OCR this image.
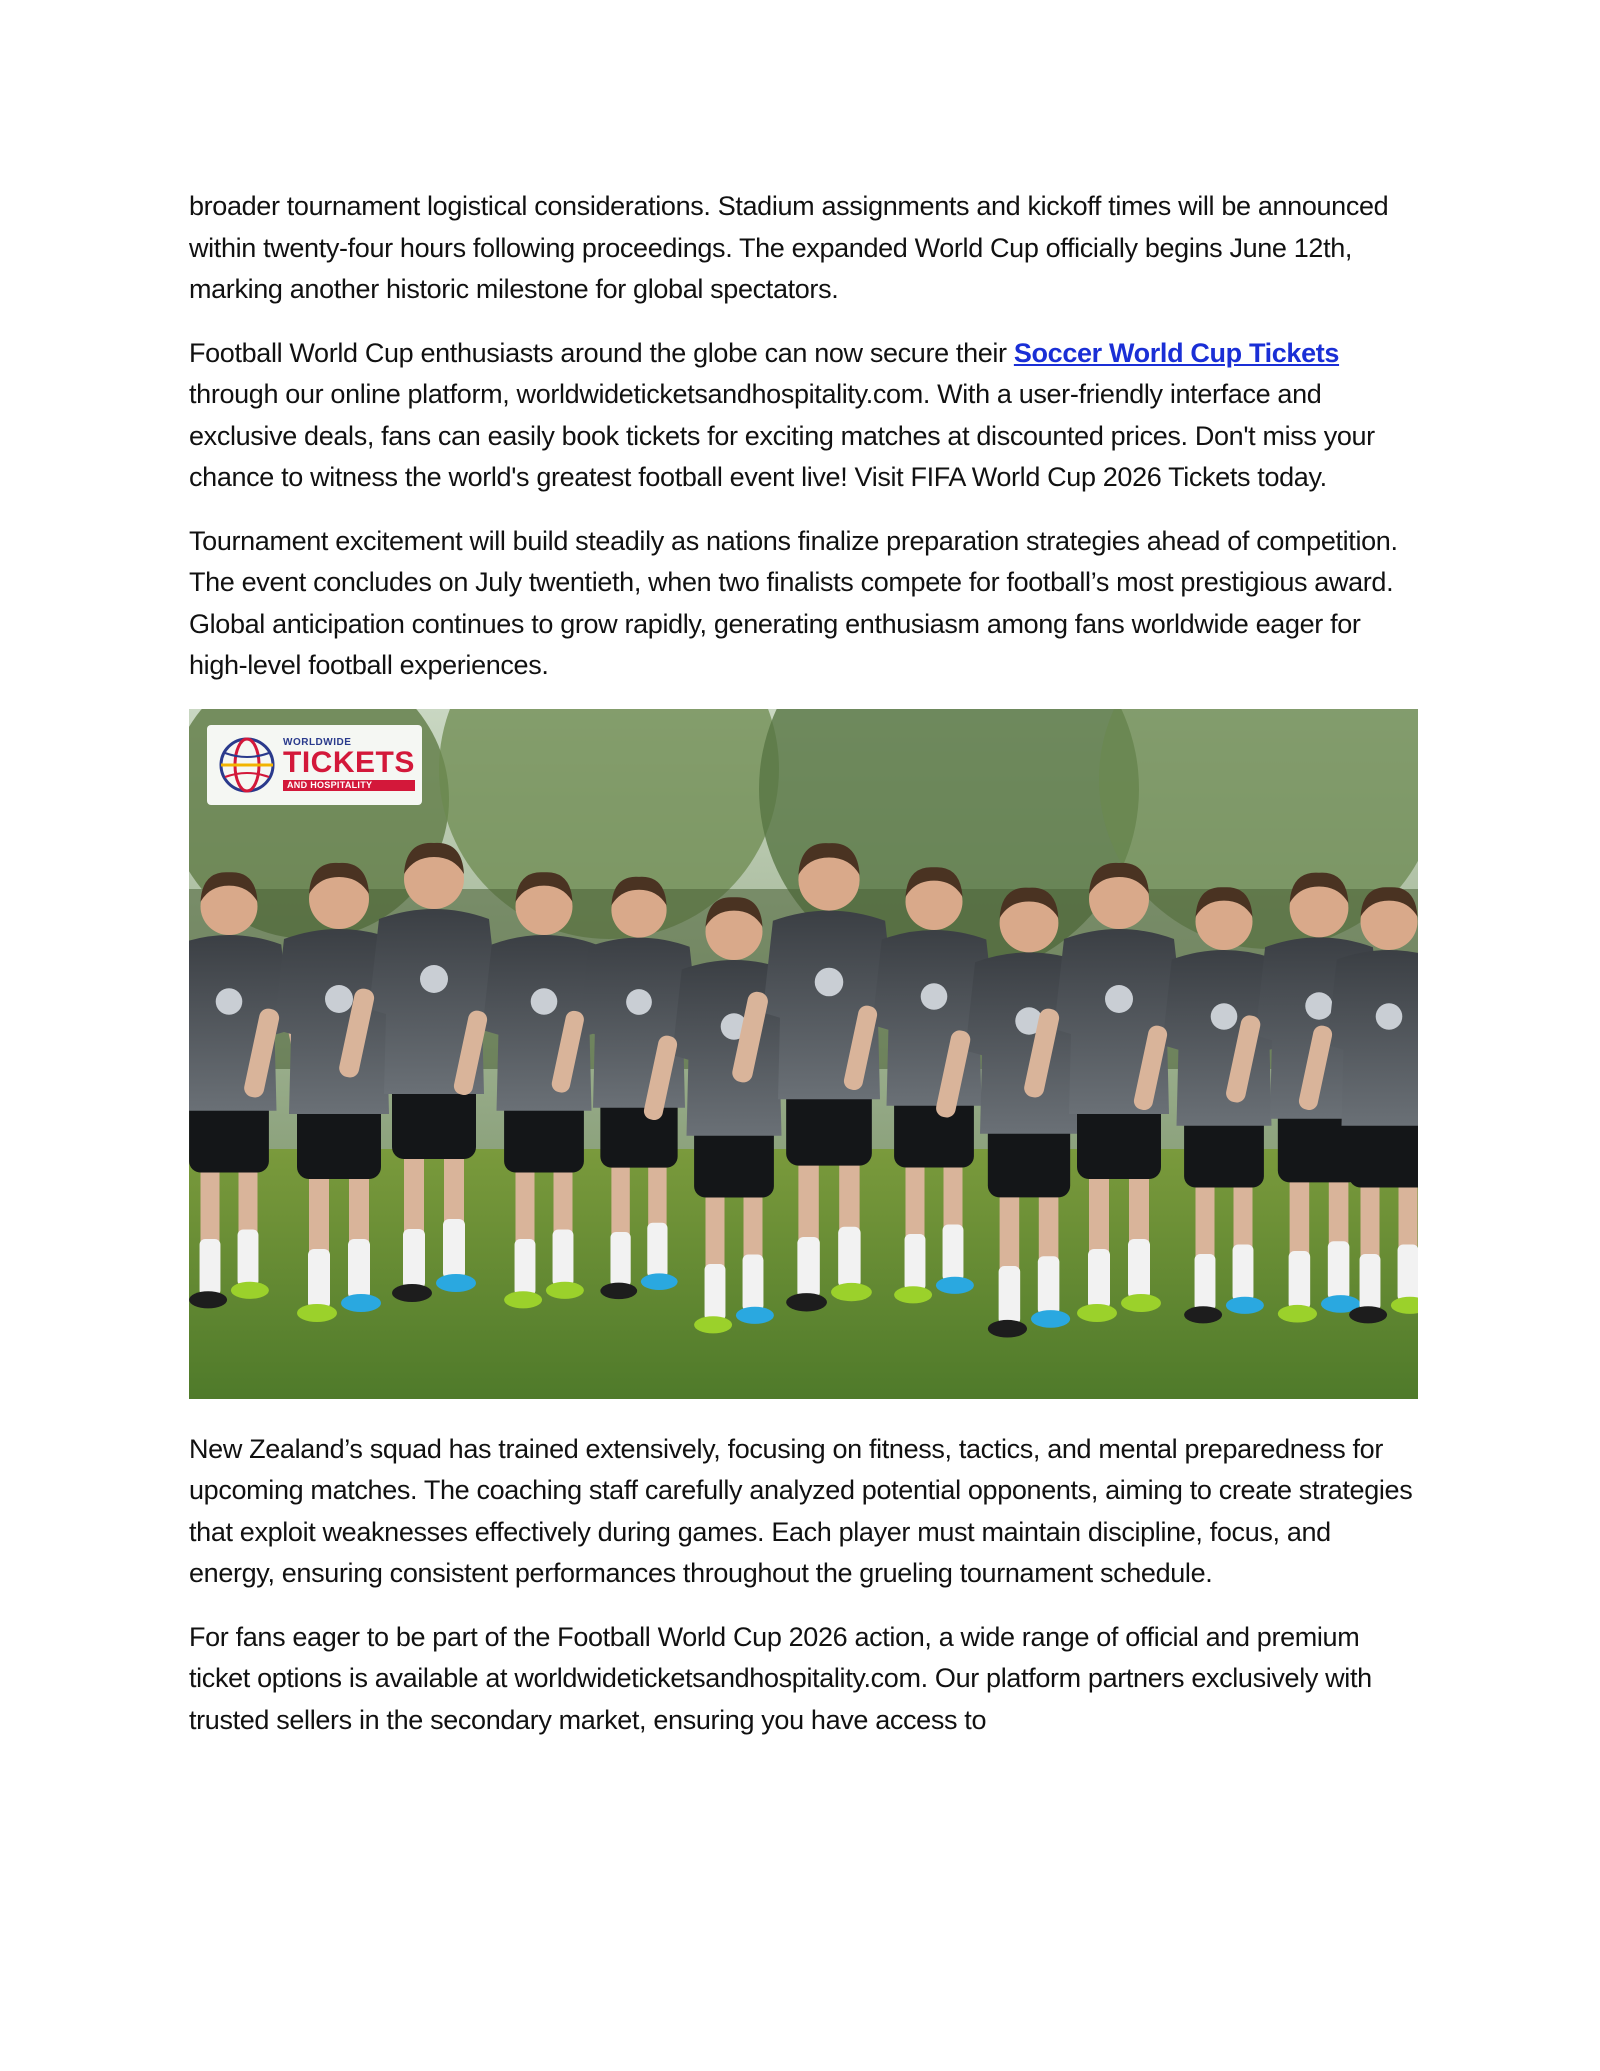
broader tournament logistical considerations. Stadium assignments and kickoff times will be announced within twenty-four hours following proceedings. The expanded World Cup officially begins June 12th, marking another historic milestone for global spectators.

Football World Cup enthusiasts around the globe can now secure their Soccer World Cup Tickets through our online platform, worldwideticketsandhospitality.com. With a user-friendly interface and exclusive deals, fans can easily book tickets for exciting matches at discounted prices. Don't miss your chance to witness the world's greatest football event live! Visit FIFA World Cup 2026 Tickets today.

Tournament excitement will build steadily as nations finalize preparation strategies ahead of competition. The event concludes on July twentieth, when two finalists compete for football’s most prestigious award. Global anticipation continues to grow rapidly, generating enthusiasm among fans worldwide eager for high-level football experiences.

WORLDWIDE
TICKETS
AND HOSPITALITY

New Zealand’s squad has trained extensively, focusing on fitness, tactics, and mental preparedness for upcoming matches. The coaching staff carefully analyzed potential opponents, aiming to create strategies that exploit weaknesses effectively during games. Each player must maintain discipline, focus, and energy, ensuring consistent performances throughout the grueling tournament schedule.

For fans eager to be part of the Football World Cup 2026 action, a wide range of official and premium ticket options is available at worldwideticketsandhospitality.com. Our platform partners exclusively with trusted sellers in the secondary market, ensuring you have access to
